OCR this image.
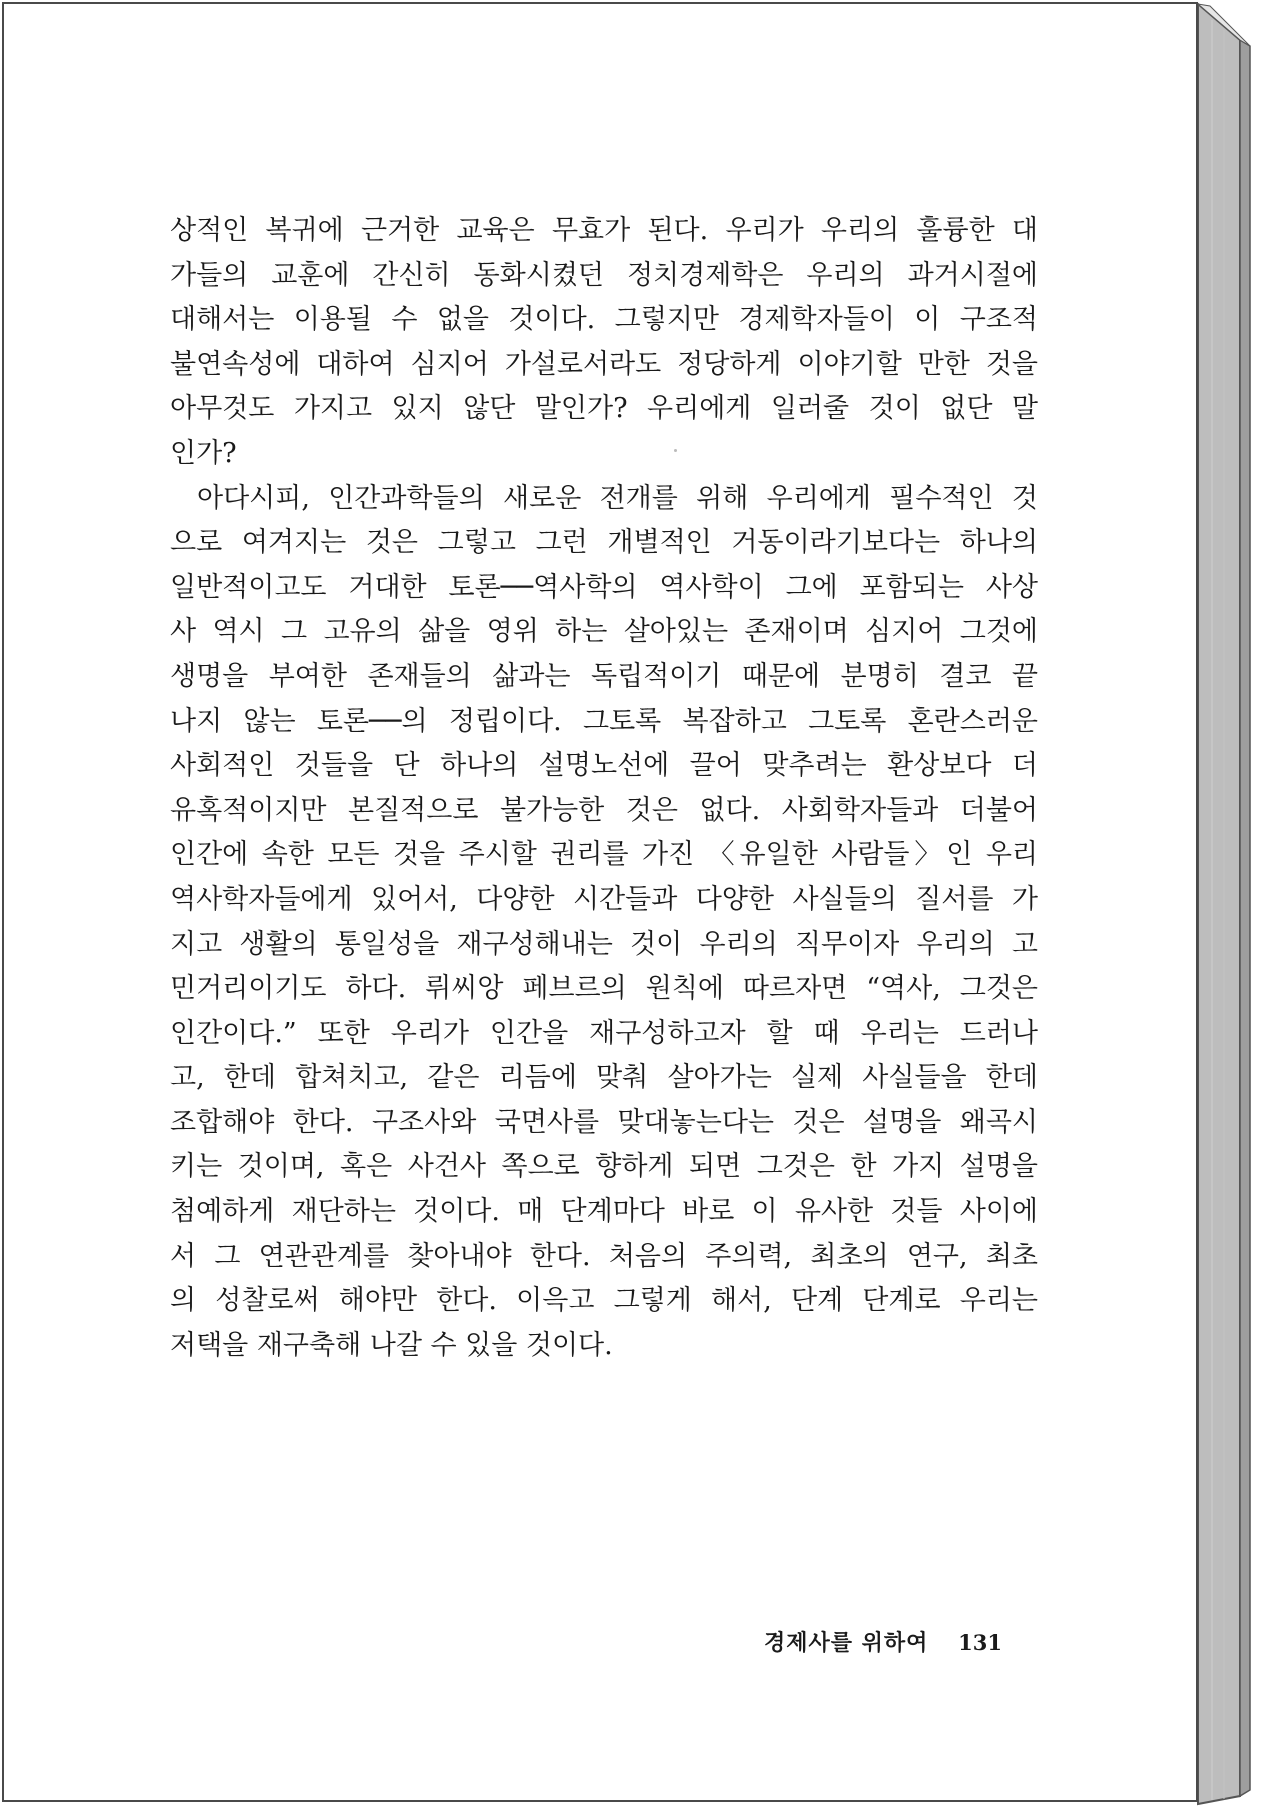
상적인 복귀에 근거한 교육은 무효가 된다. 우리가 우리의 훌륭한 대
가들의 교훈에 간신히 동화시켰던 정치경제학은 우리의 과거시절에
대해서는 이용될 수 없을 것이다. 그렇지만 경제학자들이 이 구조적
불연속성에 대하여 심지어 가설로서라도 정당하게 이야기할 만한 것을
아무것도 가지고 있지 않단 말인가? 우리에게 일러줄 것이 없단 말
인가?
아다시피, 인간과학들의 새로운 전개를 위해 우리에게 필수적인 것
으로 여겨지는 것은 그렇고 그런 개별적인 거동이라기보다는 하나의
일반적이고도 거대한 토론──역사학의 역사학이 그에 포함되는 사상
사 역시 그 고유의 삶을 영위 하는 살아있는 존재이며 심지어 그것에
생명을 부여한 존재들의 삶과는 독립적이기 때문에 분명히 결코 끝
나지 않는 토론──의 정립이다. 그토록 복잡하고 그토록 혼란스러운
사회적인 것들을 단 하나의 설명노선에 끌어 맞추려는 환상보다 더
유혹적이지만 본질적으로 불가능한 것은 없다. 사회학자들과 더불어
인간에 속한 모든 것을 주시할 권리를 가진 〈유일한 사람들〉인 우리
역사학자들에게 있어서, 다양한 시간들과 다양한 사실들의 질서를 가
지고 생활의 통일성을 재구성해내는 것이 우리의 직무이자 우리의 고
민거리이기도 하다. 뤼씨앙 페브르의 원칙에 따르자면 “역사, 그것은
인간이다.” 또한 우리가 인간을 재구성하고자 할 때 우리는 드러나
고, 한데 합쳐치고, 같은 리듬에 맞춰 살아가는 실제 사실들을 한데
조합해야 한다. 구조사와 국면사를 맞대놓는다는 것은 설명을 왜곡시
키는 것이며, 혹은 사건사 쪽으로 향하게 되면 그것은 한 가지 설명을
첨예하게 재단하는 것이다. 매 단계마다 바로 이 유사한 것들 사이에
서 그 연관관계를 찾아내야 한다. 처음의 주의력, 최초의 연구, 최초
의 성찰로써 해야만 한다. 이윽고 그렇게 해서, 단계 단계로 우리는
저택을 재구축해 나갈 수 있을 것이다.
경제사를 위하여 131
